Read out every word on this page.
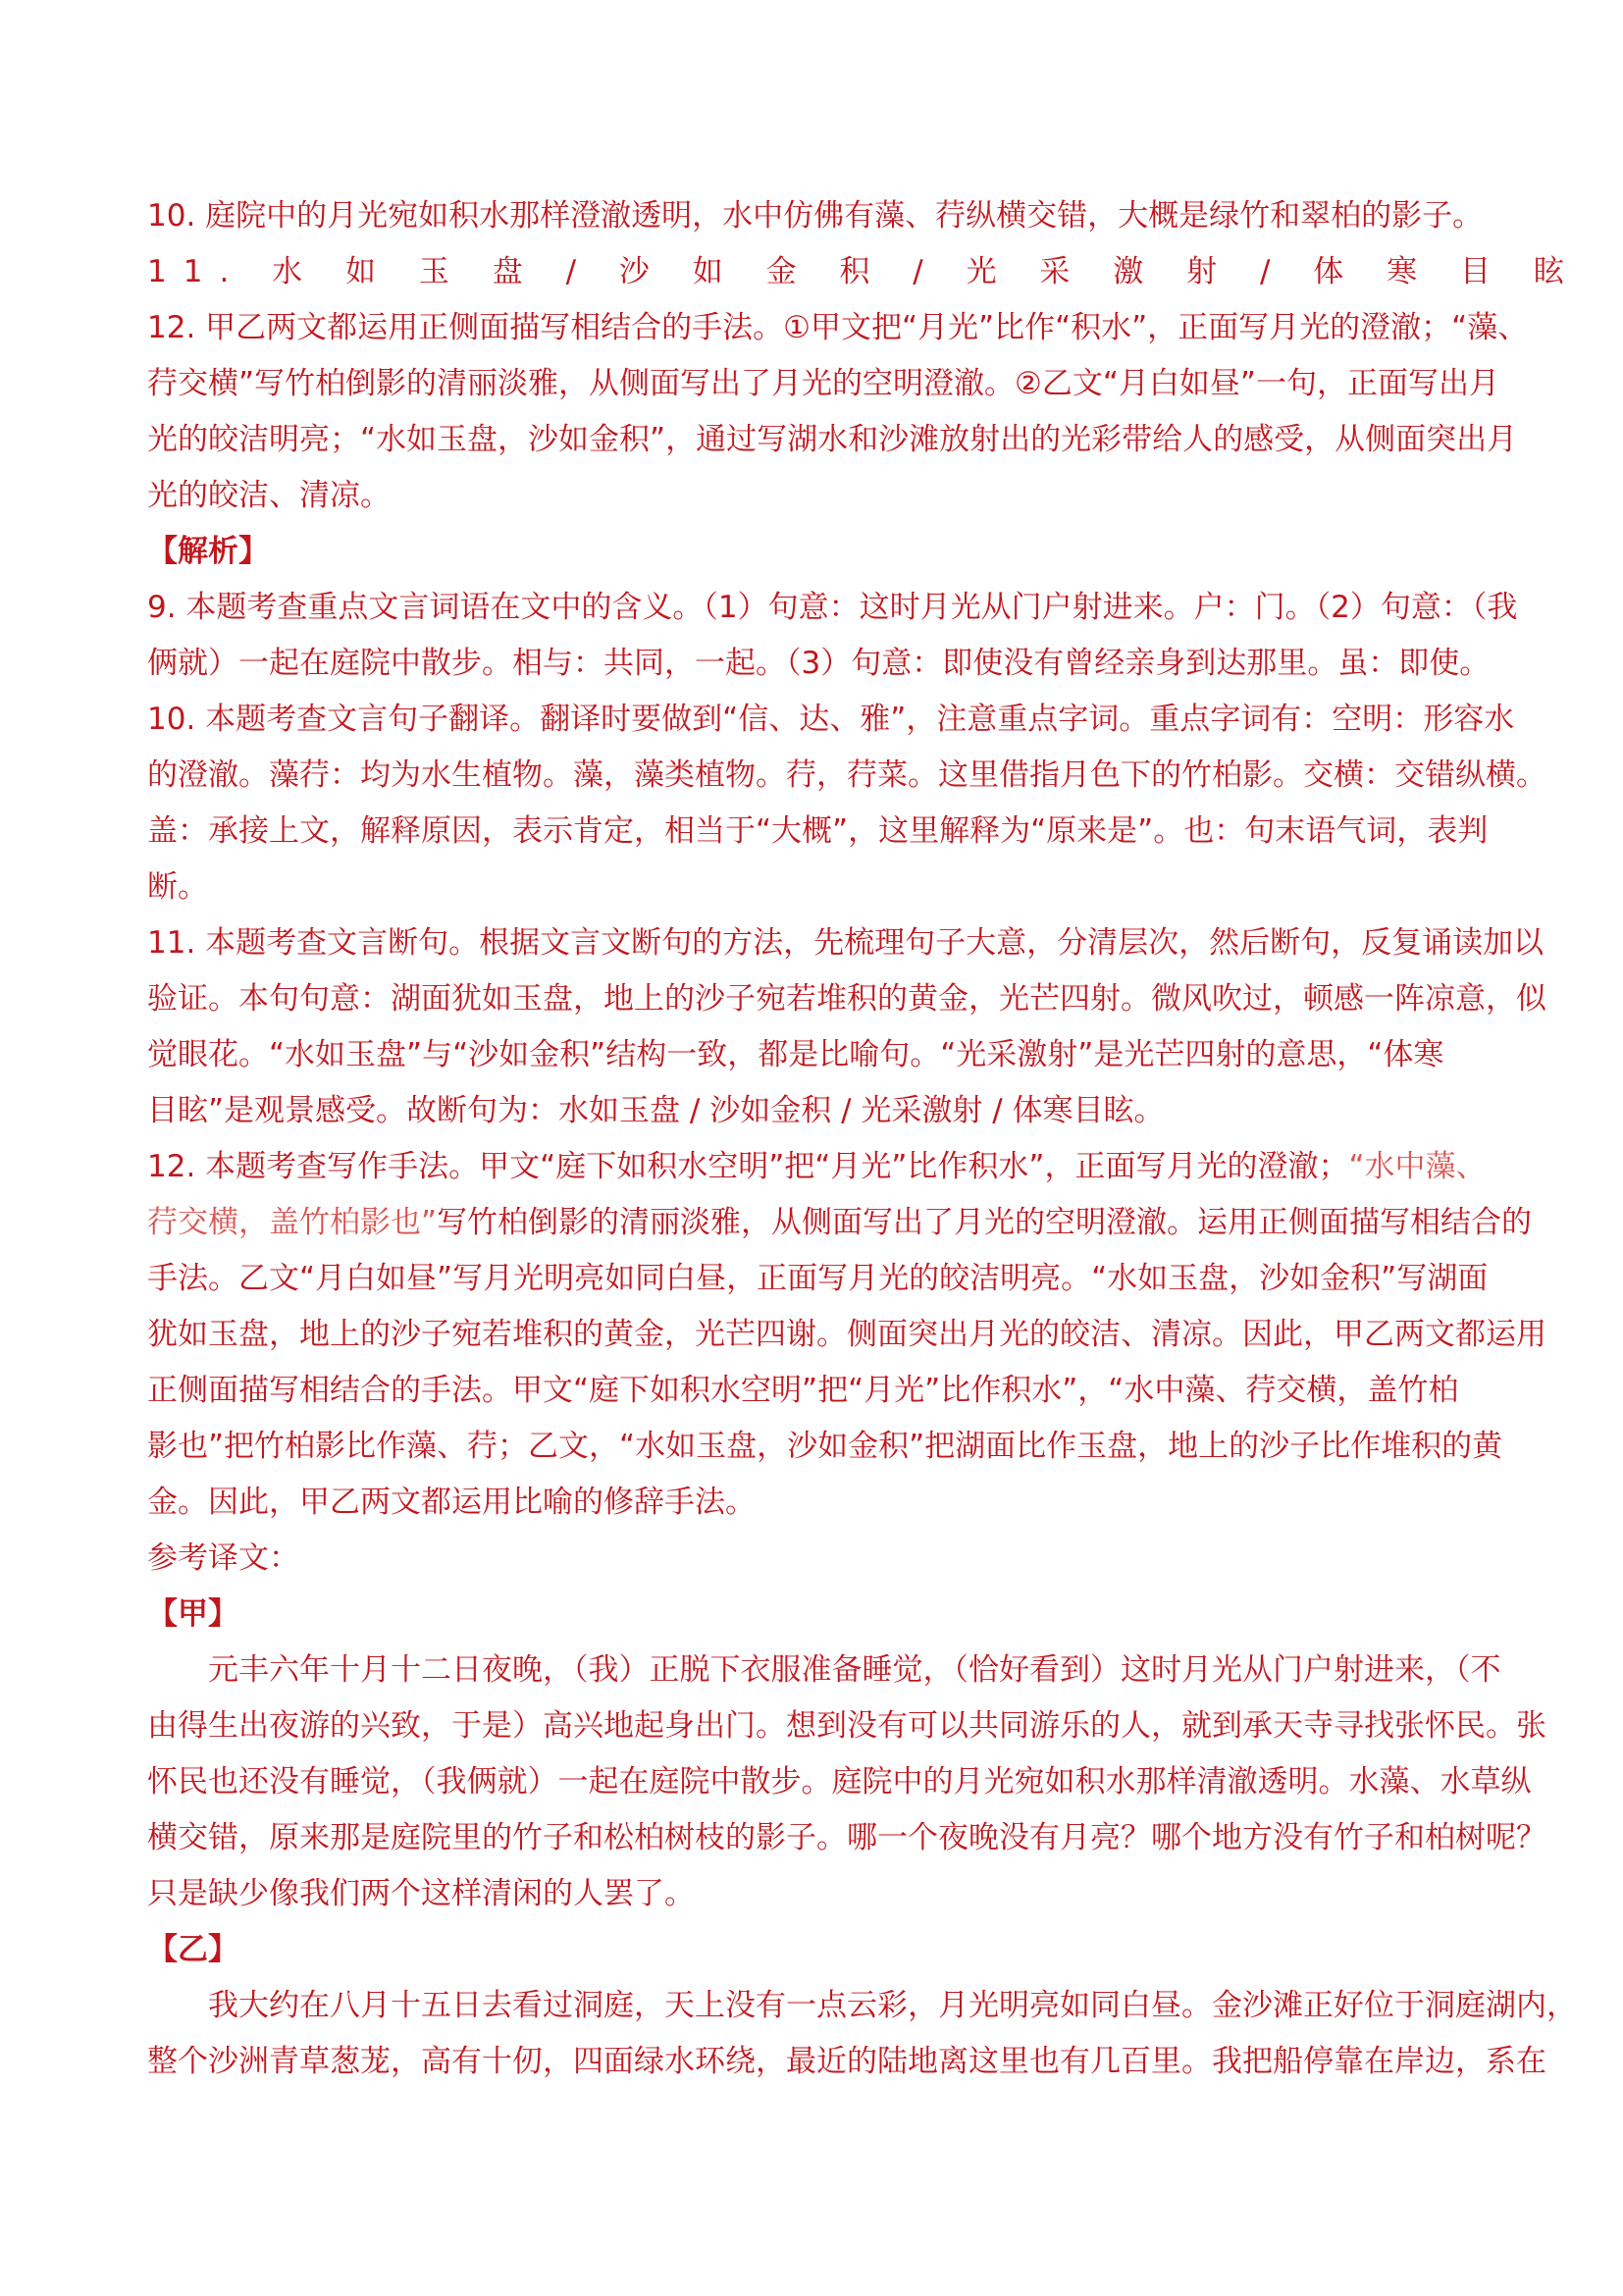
10. 庭院中的月光宛如积水那样澄澈透明，水中仿佛有藻、荇纵横交错，大概是绿竹和翠柏的影子。
11. 水 如 玉 盘 / 沙 如 金 积 / 光 采 激 射 / 体 寒 目 眩
12. 甲乙两文都运用正侧面描写相结合的手法。①甲文把“月光”比作“积水”，正面写月光的澄澈；“藻、
荇交横”写竹柏倒影的清丽淡雅，从侧面写出了月光的空明澄澈。②乙文“月白如昼”一句，正面写出月
光的皎洁明亮；“水如玉盘，沙如金积”，通过写湖水和沙滩放射出的光彩带给人的感受，从侧面突出月
光的皎洁、清凉。
【解析】
9. 本题考查重点文言词语在文中的含义。（1）句意：这时月光从门户射进来。户：门。（2）句意：（我
俩就）一起在庭院中散步。相与：共同，一起。（3）句意：即使没有曾经亲身到达那里。虽：即使。
10. 本题考查文言句子翻译。翻译时要做到“信、达、雅”，注意重点字词。重点字词有：空明：形容水
的澄澈。藻荇：均为水生植物。藻，藻类植物。荇，荇菜。这里借指月色下的竹柏影。交横：交错纵横。
盖：承接上文，解释原因，表示肯定，相当于“大概”，这里解释为“原来是”。也：句末语气词，表判
断。
11. 本题考查文言断句。根据文言文断句的方法，先梳理句子大意，分清层次，然后断句，反复诵读加以
验证。本句句意：湖面犹如玉盘，地上的沙子宛若堆积的黄金，光芒四射。微风吹过，顿感一阵凉意，似
觉眼花。“水如玉盘”与“沙如金积”结构一致，都是比喻句。“光采激射”是光芒四射的意思，“体寒
目眩”是观景感受。故断句为：水如玉盘 / 沙如金积 / 光采激射 / 体寒目眩。
12. 本题考查写作手法。甲文“庭下如积水空明”把“月光”比作积水”，正面写月光的澄澈；“水中藻、
荇交横，盖竹柏影也”写竹柏倒影的清丽淡雅，从侧面写出了月光的空明澄澈。运用正侧面描写相结合的
手法。乙文“月白如昼”写月光明亮如同白昼，正面写月光的皎洁明亮。“水如玉盘，沙如金积”写湖面
犹如玉盘，地上的沙子宛若堆积的黄金，光芒四谢。侧面突出月光的皎洁、清凉。因此，甲乙两文都运用
正侧面描写相结合的手法。甲文“庭下如积水空明”把“月光”比作积水”，“水中藻、荇交横，盖竹柏
影也”把竹柏影比作藻、荇；乙文，“水如玉盘，沙如金积”把湖面比作玉盘，地上的沙子比作堆积的黄
金。因此，甲乙两文都运用比喻的修辞手法。
参考译文：
【甲】
元丰六年十月十二日夜晚，（我）正脱下衣服准备睡觉，（恰好看到）这时月光从门户射进来，（不
由得生出夜游的兴致，于是）高兴地起身出门。想到没有可以共同游乐的人，就到承天寺寻找张怀民。张
怀民也还没有睡觉，（我俩就）一起在庭院中散步。庭院中的月光宛如积水那样清澈透明。水藻、水草纵
横交错，原来那是庭院里的竹子和松柏树枝的影子。哪一个夜晚没有月亮？哪个地方没有竹子和柏树呢？
只是缺少像我们两个这样清闲的人罢了。
【乙】
我大约在八月十五日去看过洞庭，天上没有一点云彩，月光明亮如同白昼。金沙滩正好位于洞庭湖内，
整个沙洲青草葱茏，高有十仞，四面绿水环绕，最近的陆地离这里也有几百里。我把船停靠在岸边，系在
